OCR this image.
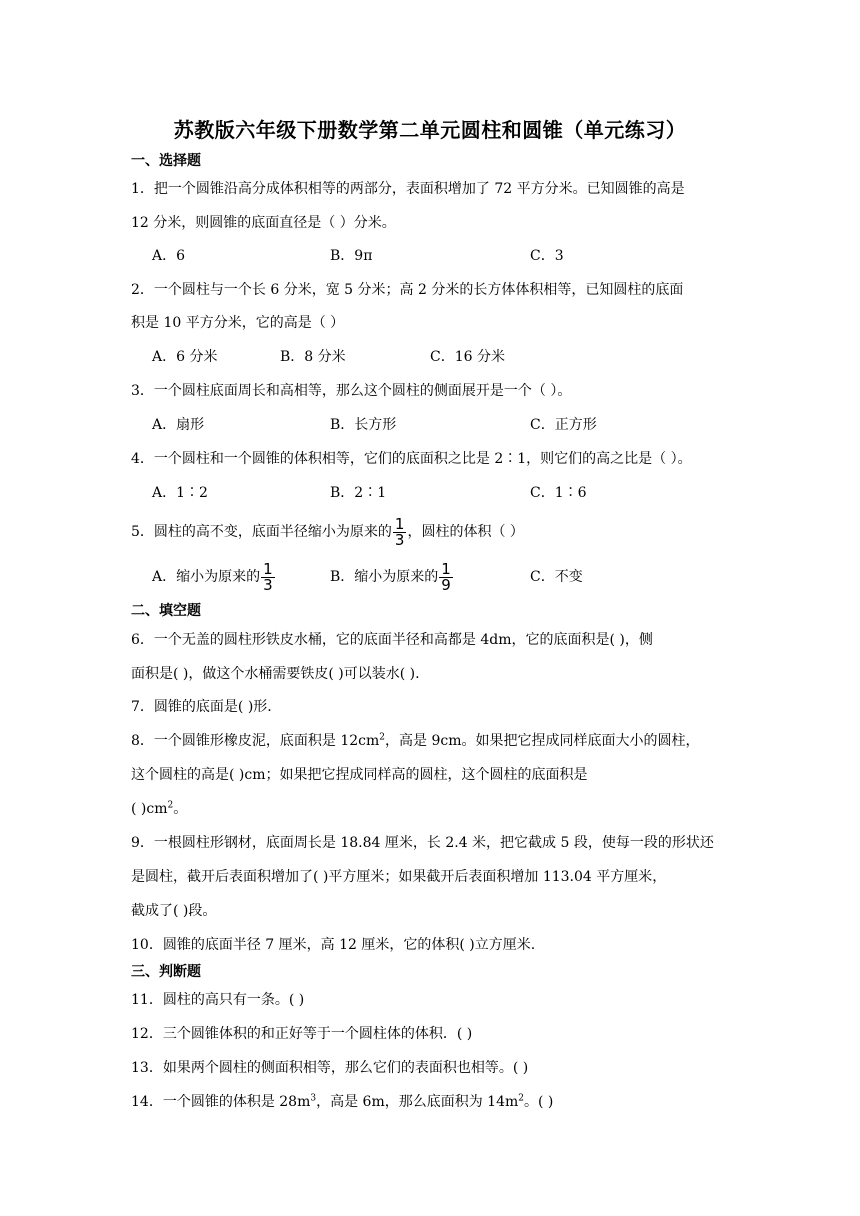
苏教版六年级下册数学第二单元圆柱和圆锥（单元练习）
一、选择题
1．把一个圆锥沿高分成体积相等的两部分，表面积增加了 72 平方分米。已知圆锥的高是
12 分米，则圆锥的底面直径是（ ）分米。
A．6	B．9π	C．3
2．一个圆柱与一个长 6 分米，宽 5 分米；高 2 分米的长方体体积相等，已知圆柱的底面
积是 10 平方分米，它的高是（ ）
A．6 分米	B．8 分米	C．16 分米
3．一个圆柱底面周长和高相等，那么这个圆柱的侧面展开是一个（ ）。
A．扇形	B．长方形	C．正方形
4．一个圆柱和一个圆锥的体积相等，它们的底面积之比是 2∶1，则它们的高之比是（ ）。
A．1∶2	B．2∶1	C．1∶6
5．圆柱的高不变，底面半径缩小为原来的 $\frac{1}{3}$ ，圆柱的体积（ ）
A．缩小为原来的 $\frac{1}{3}$	B．缩小为原来的 $\frac{1}{9}$	C．不变
二、填空题
6．一个无盖的圆柱形铁皮水桶，它的底面半径和高都是 4dm，它的底面积是( )，侧
面积是( )，做这个水桶需要铁皮( )可以装水( ).
7．圆锥的底面是( )形.
8．一个圆锥形橡皮泥，底面积是 $12cm^2$，高是 9cm。如果把它捏成同样底面大小的圆柱，
这个圆柱的高是( )cm；如果把它捏成同样高的圆柱，这个圆柱的底面积是
( )$cm^2$。
9．一根圆柱形钢材，底面周长是 18.84 厘米，长 2.4 米，把它截成 5 段，使每一段的形状还
是圆柱，截开后表面积增加了( )平方厘米；如果截开后表面积增加 113.04 平方厘米，
截成了( )段。
10．圆锥的底面半径 7 厘米，高 12 厘米，它的体积( )立方厘米.
三、判断题
11．圆柱的高只有一条。( )
12．三个圆锥体积的和正好等于一个圆柱体的体积．( )
13．如果两个圆柱的侧面积相等，那么它们的表面积也相等。( )
14．一个圆锥的体积是 $28m^3$，高是 6m，那么底面积为 $14m^2$。( )
